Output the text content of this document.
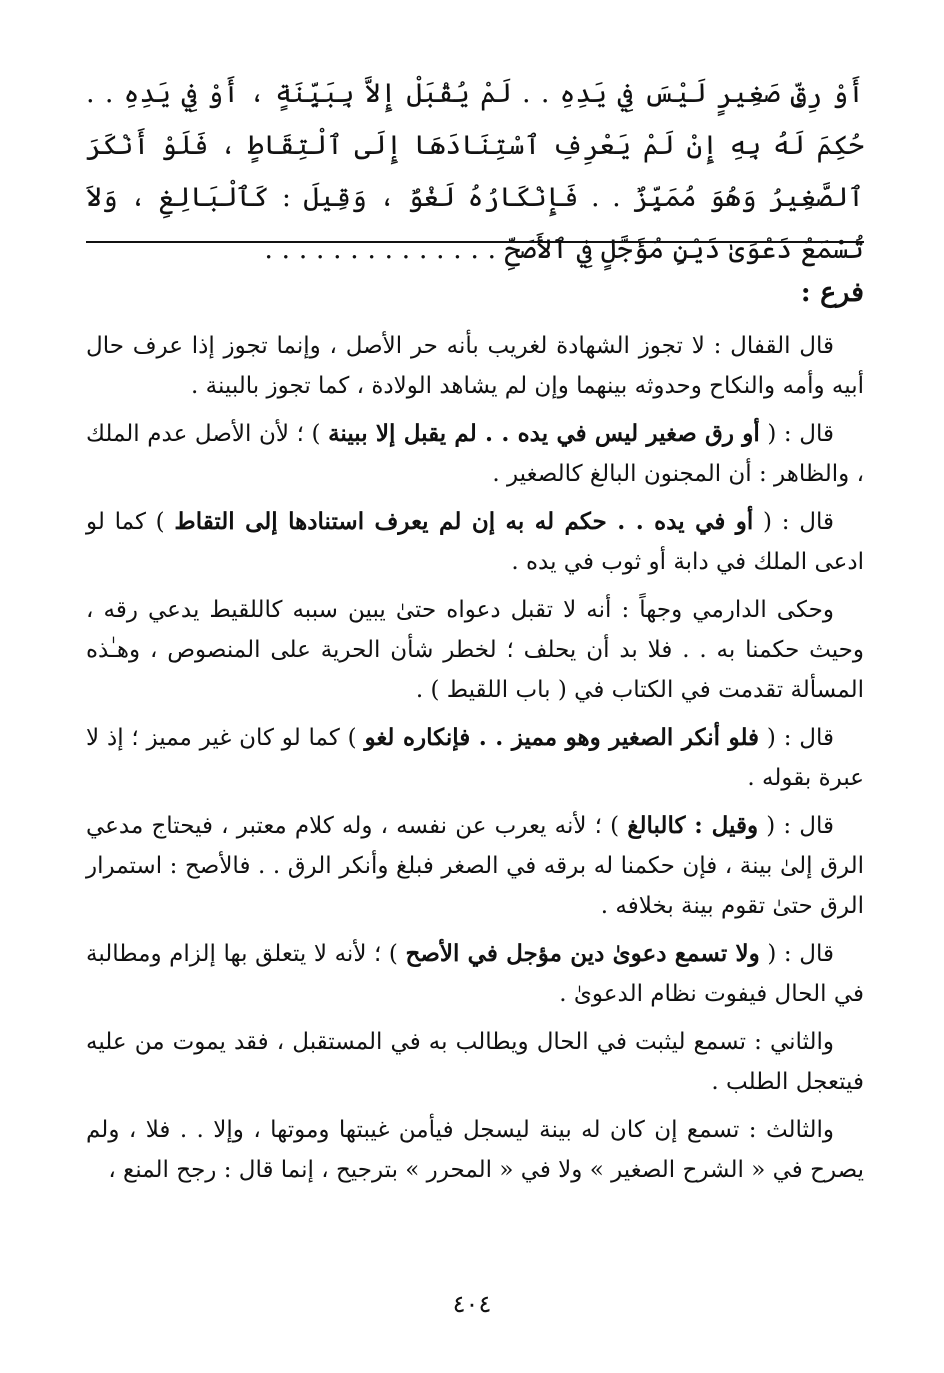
أَوْ رِقِّ صَغِيرٍ لَيْسَ فِي يَدِهِ . . لَمْ يُقْبَلْ إِلاَّ بِبَيِّنَةٍ ، أَوْ فِي يَدِهِ . . حُكِمَ لَهُ بِهِ إِنْ لَمْ يَعْرِفِ ٱسْتِنَادَهَا إِلَى ٱلْتِقَاطٍ ، فَلَوْ أَنْكَرَ ٱلصَّغِيرُ وَهُوَ مُمَيِّزٌ . . فَإِنْكَارُهُ لَغْوٌ ، وَقِيلَ : كَٱلْبَالِغِ ، وَلاَ تُسْمَعُ دَعْوَىٰ دَيْنٍ مُؤَجَّلٍ فِي ٱلأَصَحِّ . . . . . . . . . . . . . .
فرع :

قال القفال : لا تجوز الشهادة لغريب بأنه حر الأصل ، وإنما تجوز إذا عرف حال أبيه وأمه والنكاح وحدوثه بينهما وإن لم يشاهد الولادة ، كما تجوز بالبينة .

قال : ( أو رق صغير ليس في يده . . لم يقبل إلا ببينة ) ؛ لأن الأصل عدم الملك ، والظاهر : أن المجنون البالغ كالصغير .

قال : ( أو في يده . . حكم له به إن لم يعرف استنادها إلى التقاط ) كما لو ادعى الملك في دابة أو ثوب في يده .

وحكى الدارمي وجهاً : أنه لا تقبل دعواه حتىٰ يبين سببه كاللقيط يدعي رقه ، وحيث حكمنا به . . فلا بد أن يحلف ؛ لخطر شأن الحرية على المنصوص ، وهـٰذه المسألة تقدمت في الكتاب في ( باب اللقيط ) .

قال : ( فلو أنكر الصغير وهو مميز . . فإنكاره لغو ) كما لو كان غير مميز ؛ إذ لا عبرة بقوله .

قال : ( وقيل : كالبالغ ) ؛ لأنه يعرب عن نفسه ، وله كلام معتبر ، فيحتاج مدعي الرق إلىٰ بينة ، فإن حكمنا له برقه في الصغر فبلغ وأنكر الرق . . فالأصح : استمرار الرق حتىٰ تقوم بينة بخلافه .

قال : ( ولا تسمع دعوىٰ دين مؤجل في الأصح ) ؛ لأنه لا يتعلق بها إلزام ومطالبة في الحال فيفوت نظام الدعوىٰ .

والثاني : تسمع ليثبت في الحال ويطالب به في المستقبل ، فقد يموت من عليه فيتعجل الطلب .

والثالث : تسمع إن كان له بينة ليسجل فيأمن غيبتها وموتها ، وإلا . . فلا ، ولم يصرح في « الشرح الصغير » ولا في « المحرر » بترجيح ، إنما قال : رجح المنع ،

٤٠٤
